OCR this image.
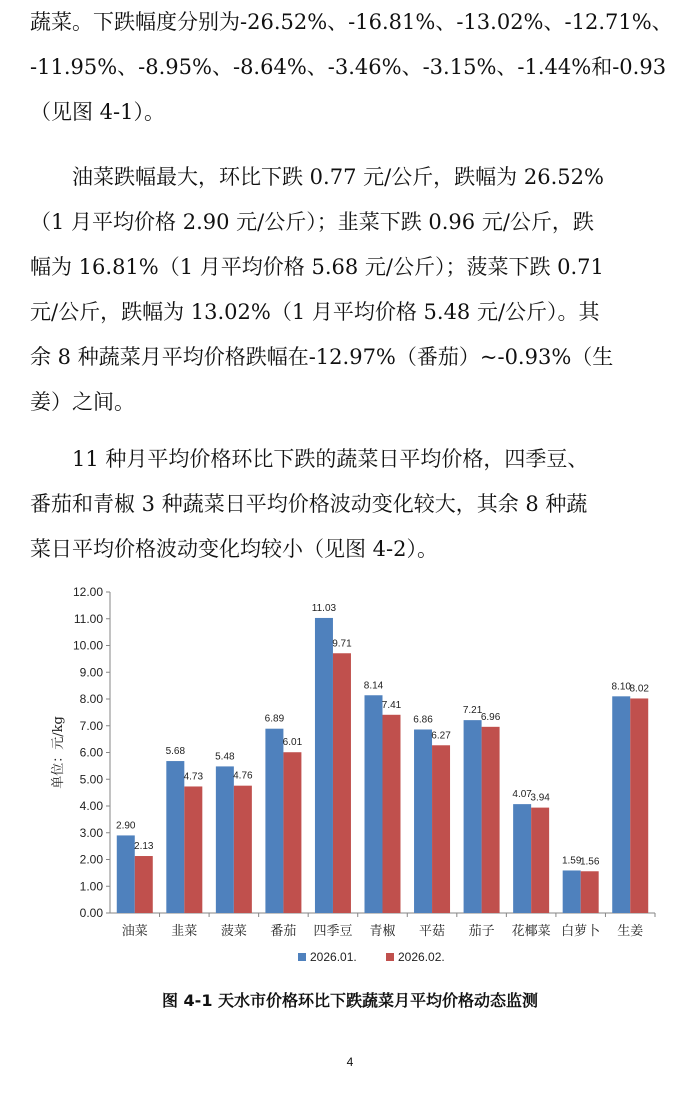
蔬菜。下跌幅度分别为-26.52%、-16.81%、-13.02%、-12.71%、
-11.95%、-8.95%、-8.64%、-3.46%、-3.15%、-1.44%和-0.93
（见图 4-1）。
油菜跌幅最大，环比下跌 0.77 元/公斤，跌幅为 26.52%
（1 月平均价格 2.90 元/公斤）；韭菜下跌 0.96 元/公斤，跌
幅为 16.81%（1 月平均价格 5.68 元/公斤）；菠菜下跌 0.71
元/公斤，跌幅为 13.02%（1 月平均价格 5.48 元/公斤）。其
余 8 种蔬菜月平均价格跌幅在-12.97%（番茄）~-0.93%（生
姜）之间。
11 种月平均价格环比下跌的蔬菜日平均价格，四季豆、
番茄和青椒 3 种蔬菜日平均价格波动变化较大，其余 8 种蔬
菜日平均价格波动变化均较小（见图 4-2）。
0.00
1.00
2.00
3.00
4.00
5.00
6.00
7.00
8.00
9.00
10.00
11.00
12.00
单位：元/kg
2.90
2.13
油菜
5.68
4.73
韭菜
5.48
4.76
菠菜
6.89
6.01
番茄
11.03
9.71
四季豆
8.14
7.41
青椒
6.86
6.27
平菇
7.21
6.96
茄子
4.07
3.94
花椰菜
1.59
1.56
白萝卜
8.10
8.02
生姜
2026.01.	2026.02.
图 4-1 天水市价格环比下跌蔬菜月平均价格动态监测
4
